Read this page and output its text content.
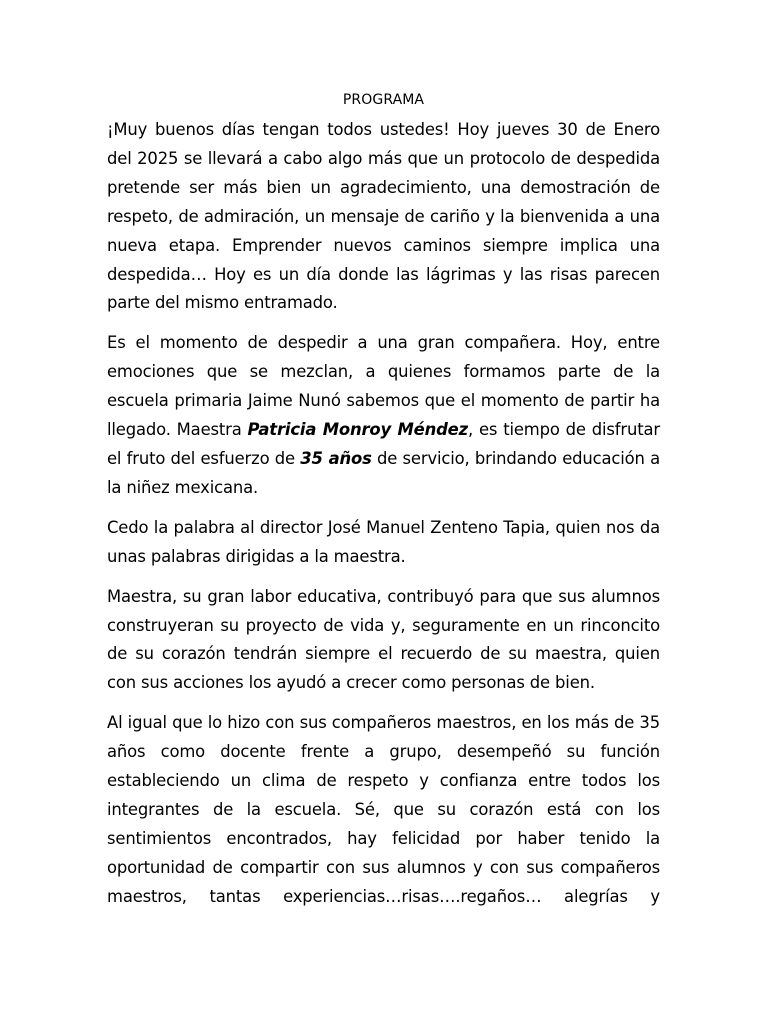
PROGRAMA

¡Muy buenos días tengan todos ustedes! Hoy jueves 30 de Enero del 2025 se llevará a cabo algo más que un protocolo de despedida pretende ser más bien un agradecimiento, una demostración de respeto, de admiración, un mensaje de cariño y la bienvenida a una nueva etapa. Emprender nuevos caminos siempre implica una despedida… Hoy es un día donde las lágrimas y las risas parecen parte del mismo entramado.

Es el momento de despedir a una gran compañera. Hoy, entre emociones que se mezclan, a quienes formamos parte de la escuela primaria Jaime Nunó sabemos que el momento de partir ha llegado. Maestra Patricia Monroy Méndez, es tiempo de disfrutar el fruto del esfuerzo de 35 años de servicio, brindando educación a la niñez mexicana.

Cedo la palabra al director José Manuel Zenteno Tapia, quien nos da unas palabras dirigidas a la maestra.

Maestra, su gran labor educativa, contribuyó para que sus alumnos construyeran su proyecto de vida y, seguramente en un rinconcito de su corazón tendrán siempre el recuerdo de su maestra, quien con sus acciones los ayudó a crecer como personas de bien.

Al igual que lo hizo con sus compañeros maestros, en los más de 35 años como docente frente a grupo, desempeñó su función estableciendo un clima de respeto y confianza entre todos los integrantes de la escuela. Sé, que su corazón está con los sentimientos encontrados, hay felicidad por haber tenido la oportunidad de compartir con sus alumnos y con sus compañeros maestros, tantas experiencias…risas….regaños… alegrías y
